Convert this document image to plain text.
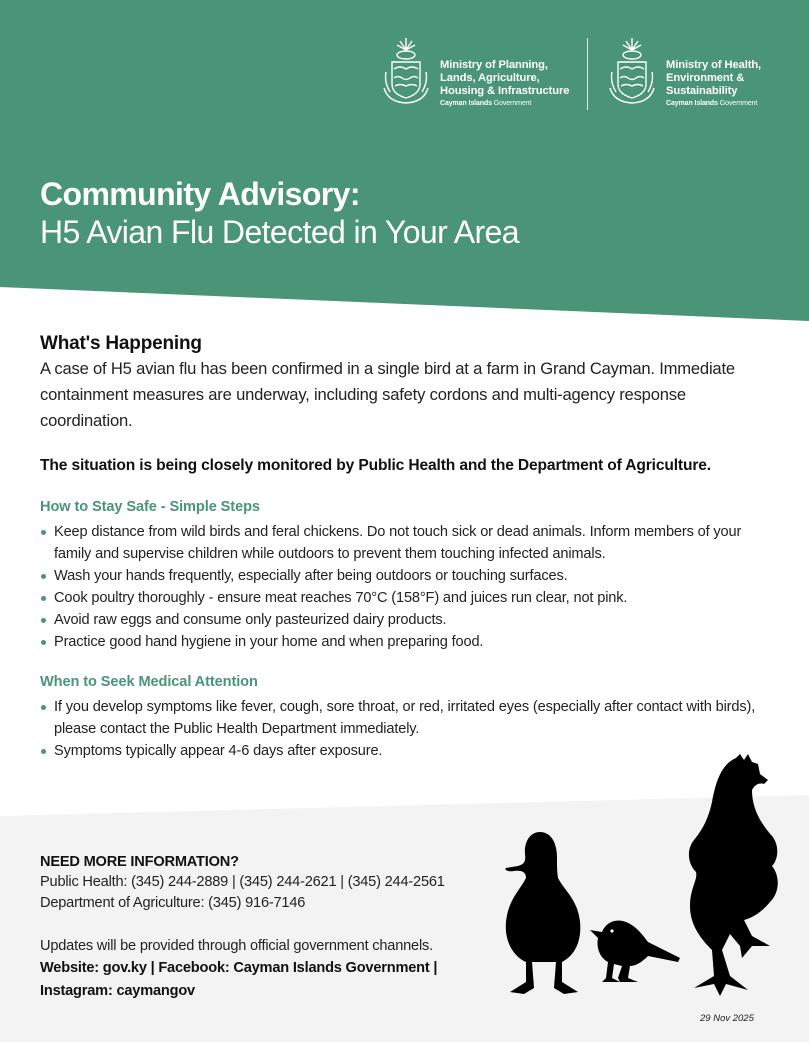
Ministry of Planning,
Lands, Agriculture,
Housing & Infrastructure
Cayman Islands Government
Ministry of Health,
Environment &
Sustainability
Cayman Islands Government
Community Advisory:
H5 Avian Flu Detected in Your Area
What's Happening

A case of H5 avian flu has been confirmed in a single bird at a farm in Grand Cayman. Immediate containment measures are underway, including safety cordons and multi-agency response coordination.

The situation is being closely monitored by Public Health and the Department of Agriculture.

How to Stay Safe - Simple Steps
Keep distance from wild birds and feral chickens. Do not touch sick or dead animals. Inform members of your family and supervise children while outdoors to prevent them touching infected animals.
Wash your hands frequently, especially after being outdoors or touching surfaces.
Cook poultry thoroughly - ensure meat reaches 70°C (158°F) and juices run clear, not pink.
Avoid raw eggs and consume only pasteurized dairy products.
Practice good hand hygiene in your home and when preparing food.
When to Seek Medical Attention
If you develop symptoms like fever, cough, sore throat, or red, irritated eyes (especially after contact with birds), please contact the Public Health Department immediately.
Symptoms typically appear 4-6 days after exposure.

NEED MORE INFORMATION?

Public Health: (345) 244-2889 | (345) 244-2621 | (345) 244-2561

Department of Agriculture: (345) 916-7146

Updates will be provided through official government channels.

Website: gov.ky | Facebook: Cayman Islands Government |

Instagram: caymangov

29 Nov 2025
